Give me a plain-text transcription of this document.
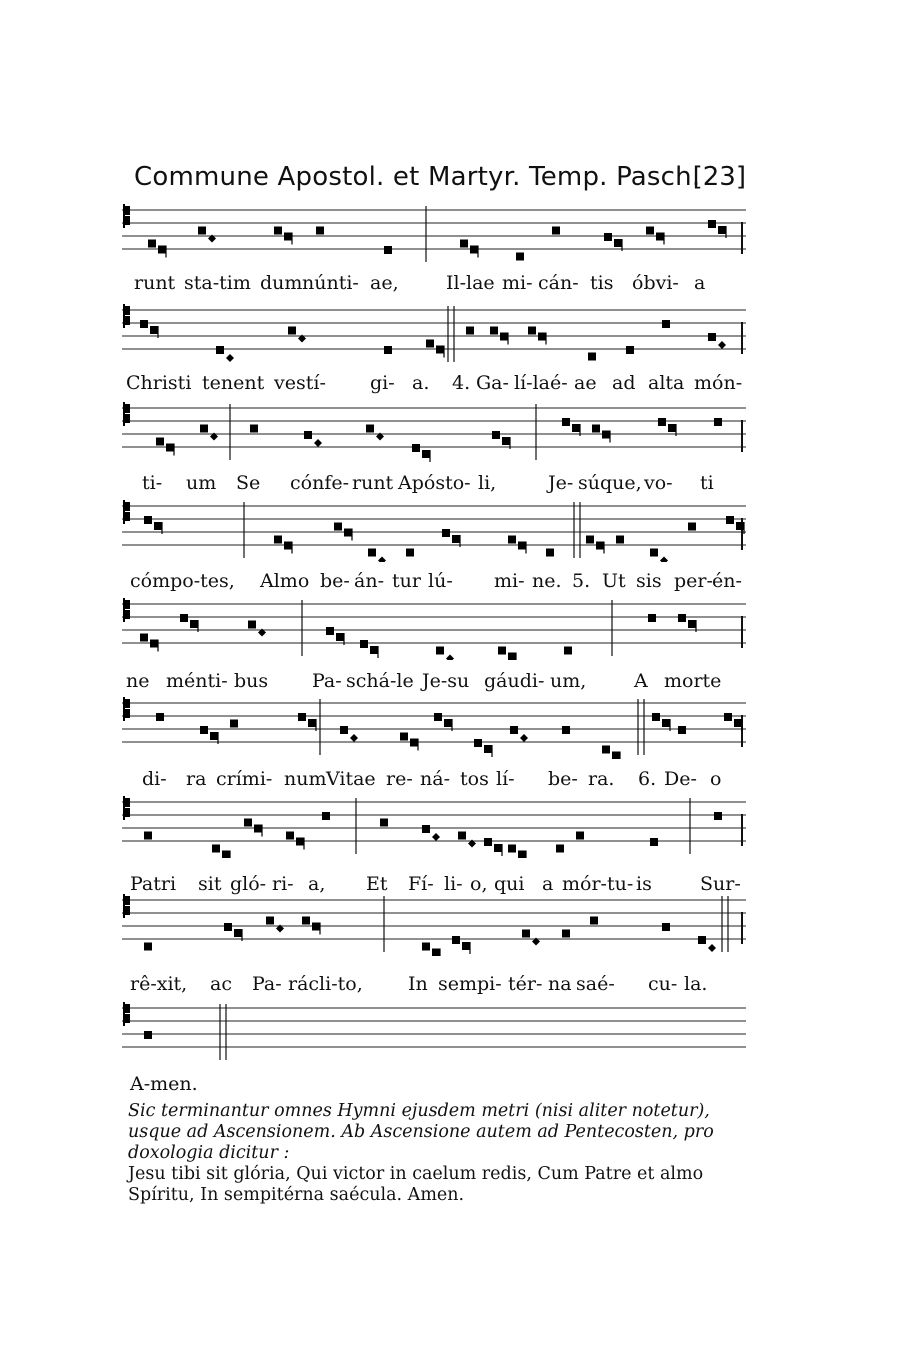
Commune Apostol. et Martyr. Temp. Pasch.
[23]
runt sta-tim dum núnti- ae, Il-lae mi- cán- tis óbvi- a
Christi tenent vestí- gi- a. 4. Ga- lí-laé- ae ad alta món-
ti- um Se cónfe- runt Apósto- li,	Je- súque, vo- ti
cómpo-tes, Almo be- án- tur lú- mi- ne. 5. Ut sis per- én-
ne ménti- bus Pa- schá-le Je-su gáudi- um,	A morte
di- ra crími- num Vitae re- ná- tos lí- be- ra. 6. De- o
Patri sit gló- ri- a, Et Fí- li- o, qui a mór-tu- is	Sur-
rê-xit, ac Pa- rácli-to, In sempi- tér- na saé- cu- la.
A-men.
Sic terminantur omnes Hymni ejusdem metri (nisi aliter notetur), usque ad Ascensionem. Ab Ascensione autem ad Pentecosten, pro doxologia dicitur :
Jesu tibi sit glória, Qui victor in caelum redis, Cum Patre et almo Spíritu, In sempitérna saécula. Amen.
